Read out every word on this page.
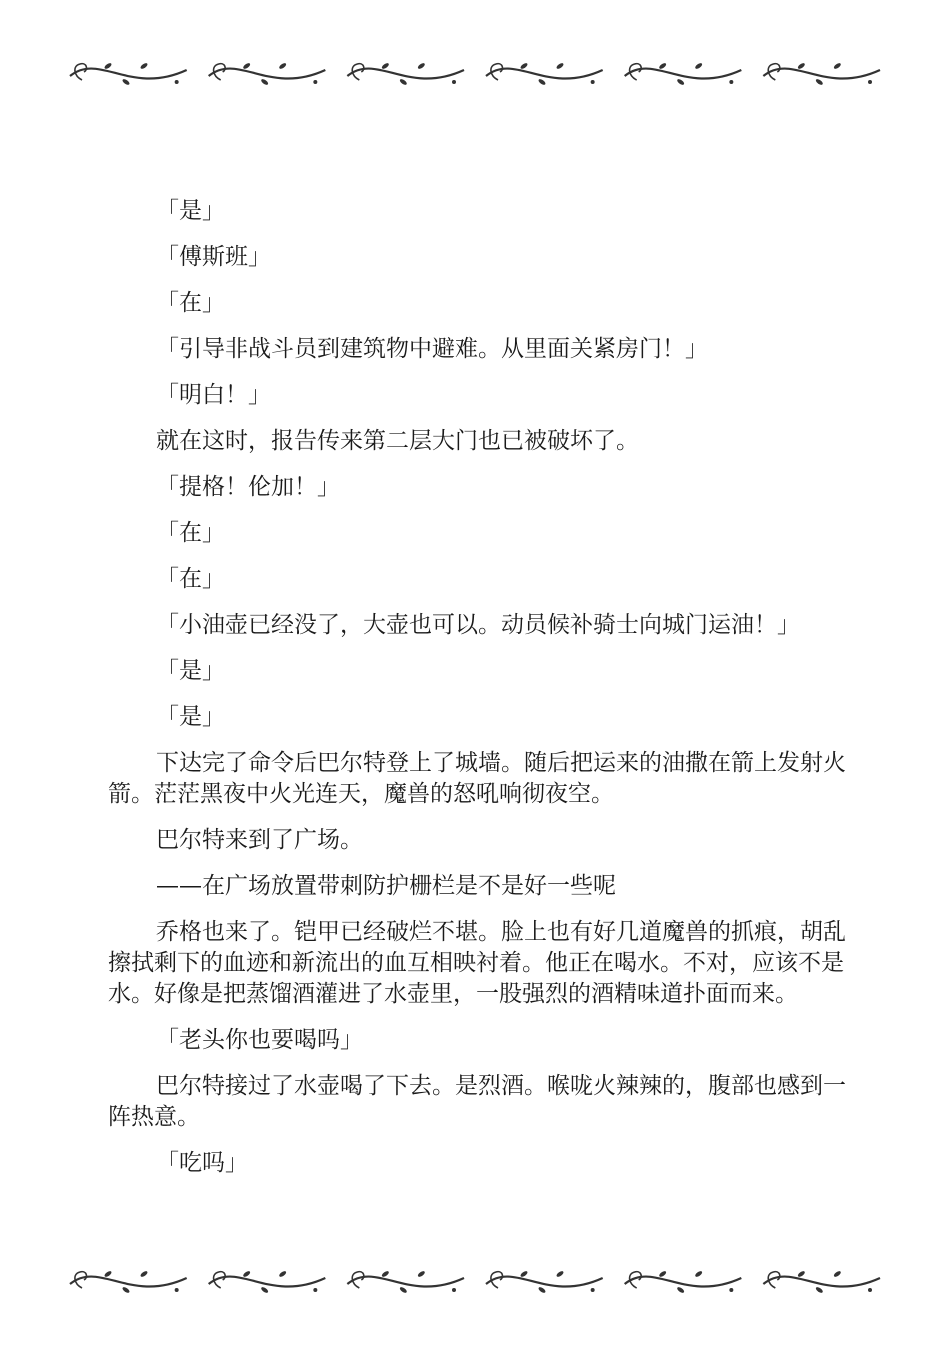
「是」

「傅斯班」

「在」

「引导非战斗员到建筑物中避难。从里面关紧房门！」

「明白！」

就在这时，报告传来第二层大门也已被破坏了。

「提格！伦加！」

「在」

「在」

「小油壶已经没了，大壶也可以。动员候补骑士向城门运油！」

「是」

「是」

下达完了命令后巴尔特登上了城墙。随后把运来的油撒在箭上发射火箭。茫茫黑夜中火光连天，魔兽的怒吼响彻夜空。

巴尔特来到了广场。

——在广场放置带刺防护栅栏是不是好一些呢

乔格也来了。铠甲已经破烂不堪。脸上也有好几道魔兽的抓痕，胡乱擦拭剩下的血迹和新流出的血互相映衬着。他正在喝水。不对，应该不是水。好像是把蒸馏酒灌进了水壶里，一股强烈的酒精味道扑面而来。

「老头你也要喝吗」

巴尔特接过了水壶喝了下去。是烈酒。喉咙火辣辣的，腹部也感到一阵热意。

「吃吗」
